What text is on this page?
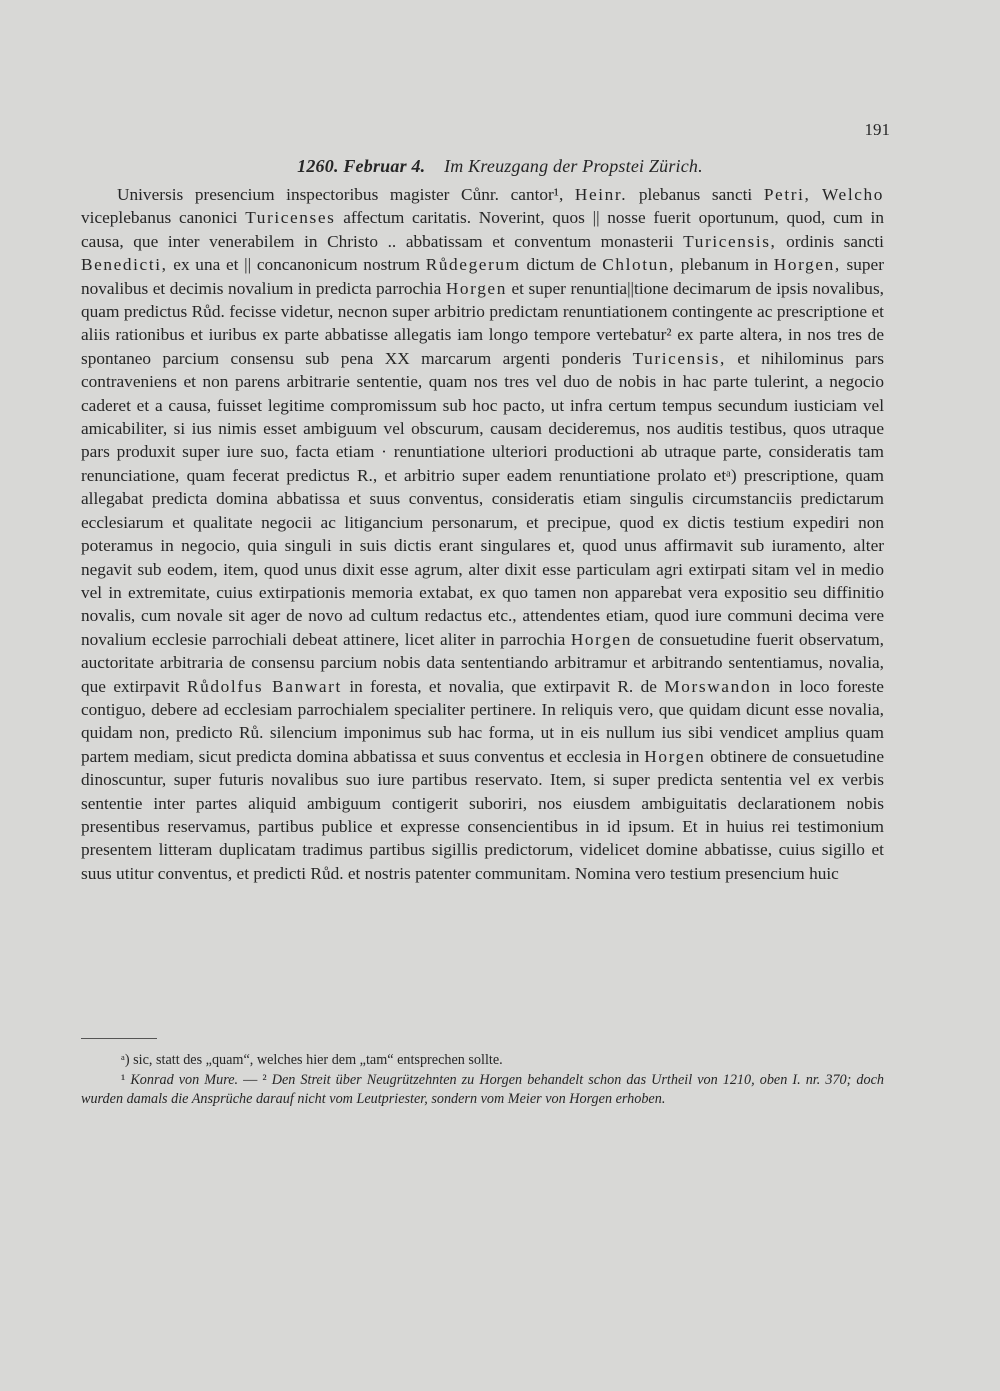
191
1260. Februar 4. Im Kreuzgang der Propstei Zürich.

Universis presencium inspectoribus magister Cůnr. cantor¹, Heinr. plebanus sancti Petri, Welcho viceplebanus canonici Turicenses affectum caritatis. Noverint, quos || nosse fuerit oportunum, quod, cum in causa, que inter venerabilem in Christo .. abbatissam et conventum monasterii Turicensis, ordinis sancti Benedicti, ex una et || concanonicum nostrum Růdegerum dictum de Chlotun, plebanum in Horgen, super novalibus et decimis novalium in predicta parrochia Horgen et super renuntia||tione decimarum de ipsis novalibus, quam predictus Růd. fecisse videtur, necnon super arbitrio predictam renuntiationem contingente ac prescriptione et aliis rationibus et iuribus ex parte abbatisse allegatis iam longo tempore vertebatur² ex parte altera, in nos tres de spontaneo parcium consensu sub pena XX marcarum argenti ponderis Turicensis, et nihilominus pars contraveniens et non parens arbitrarie sententie, quam nos tres vel duo de nobis in hac parte tulerint, a negocio caderet et a causa, fuisset legitime compromissum sub hoc pacto, ut infra certum tempus secundum iusticiam vel amicabiliter, si ius nimis esset ambiguum vel obscurum, causam decideremus, nos auditis testibus, quos utraque pars produxit super iure suo, facta etiam · renuntiatione ulteriori productioni ab utraque parte, consideratis tam renunciatione, quam fecerat predictus R., et arbitrio super eadem renuntiatione prolato etᵃ) prescriptione, quam allegabat predicta domina abbatissa et suus conventus, consideratis etiam singulis circumstanciis predictarum ecclesiarum et qualitate negocii ac litigancium personarum, et precipue, quod ex dictis testium expediri non poteramus in negocio, quia singuli in suis dictis erant singulares et, quod unus affirmavit sub iuramento, alter negavit sub eodem, item, quod unus dixit esse agrum, alter dixit esse particulam agri extirpati sitam vel in medio vel in extremitate, cuius extirpationis memoria extabat, ex quo tamen non apparebat vera expositio seu diffinitio novalis, cum novale sit ager de novo ad cultum redactus etc., attendentes etiam, quod iure communi decima vere novalium ecclesie parrochiali debeat attinere, licet aliter in parrochia Horgen de consuetudine fuerit observatum, auctoritate arbitraria de consensu parcium nobis data sententiando arbitramur et arbitrando sententiamus, novalia, que extirpavit Růdolfus Banwart in foresta, et novalia, que extirpavit R. de Morswandon in loco foreste contiguo, debere ad ecclesiam parrochialem specialiter pertinere. In reliquis vero, que quidam dicunt esse novalia, quidam non, predicto Rů. silencium imponimus sub hac forma, ut in eis nullum ius sibi vendicet amplius quam partem mediam, sicut predicta domina abbatissa et suus conventus et ecclesia in Horgen obtinere de consuetudine dinoscuntur, super futuris novalibus suo iure partibus reservato. Item, si super predicta sententia vel ex verbis sententie inter partes aliquid ambiguum contigerit suboriri, nos eiusdem ambiguitatis declarationem nobis presentibus reservamus, partibus publice et expresse consencientibus in id ipsum. Et in huius rei testimonium presentem litteram duplicatam tradimus partibus sigillis predictorum, videlicet domine abbatisse, cuius sigillo et suus utitur conventus, et predicti Růd. et nostris patenter communitam. Nomina vero testium presencium huic

ᵃ) sic, statt des „quam“, welches hier dem „tam“ entsprechen sollte.

¹ Konrad von Mure. — ² Den Streit über Neugrützehnten zu Horgen behandelt schon das Urtheil von 1210, oben I. nr. 370; doch wurden damals die Ansprüche darauf nicht vom Leutpriester, sondern vom Meier von Horgen erhoben.
